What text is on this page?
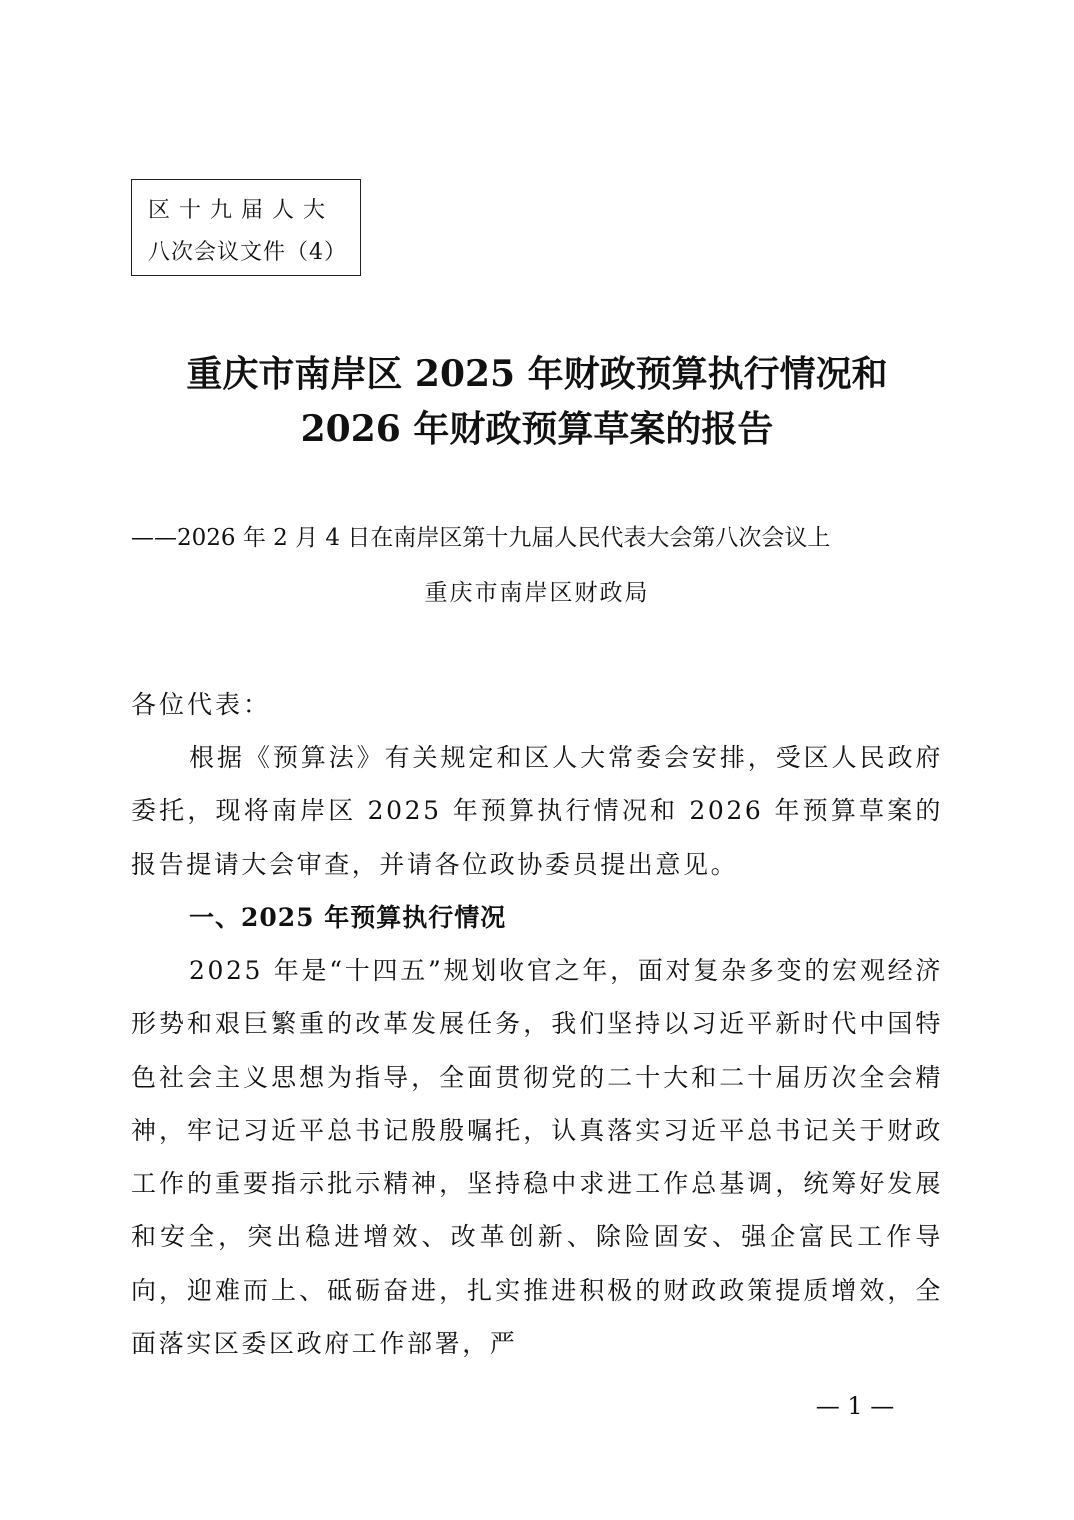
区十九届人大
八次会议文件（4）
重庆市南岸区 2025 年财政预算执行情况和
2026 年财政预算草案的报告
——2026 年 2 月 4 日在南岸区第十九届人民代表大会第八次会议上
重庆市南岸区财政局
各位代表：
根据《预算法》有关规定和区人大常委会安排，受区人民政府委托，现将南岸区 2025 年预算执行情况和 2026 年预算草案的报告提请大会审查，并请各位政协委员提出意见。
一、2025 年预算执行情况
2025 年是“十四五”规划收官之年，面对复杂多变的宏观经济形势和艰巨繁重的改革发展任务，我们坚持以习近平新时代中国特色社会主义思想为指导，全面贯彻党的二十大和二十届历次全会精神，牢记习近平总书记殷殷嘱托，认真落实习近平总书记关于财政工作的重要指示批示精神，坚持稳中求进工作总基调，统筹好发展和安全，突出稳进增效、改革创新、除险固安、强企富民工作导向，迎难而上、砥砺奋进，扎实推进积极的财政政策提质增效，全面落实区委区政府工作部署，严
— 1 —
